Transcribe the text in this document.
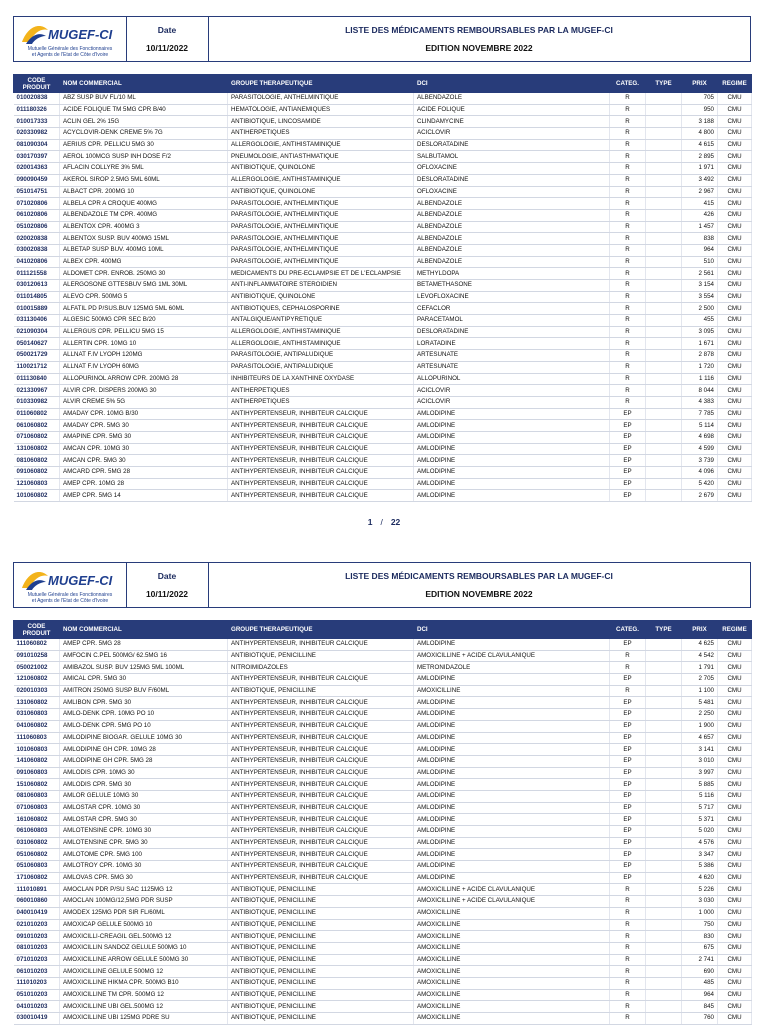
MUGEF-CI
Mutuelle Générale des Fonctionnaires
et Agents de l'Etat de Côte d'Ivoire
Date
10/11/2022
LISTE DES MÉDICAMENTS REMBOURSABLES PAR LA MUGEF-CI
EDITION NOVEMBRE 2022
CODE PRODUIT	NOM COMMERCIAL	GROUPE THERAPEUTIQUE	DCI	CATEG.	TYPE	PRIX	REGIME
010020838	ABZ SUSP BUV FL/10 ML	PARASITOLOGIE, ANTHELMINTIQUE	ALBENDAZOLE	R		705	CMU
011180326	ACIDE FOLIQUE TM 5MG CPR B/40	HEMATOLOGIE, ANTIANEMIQUES	ACIDE FOLIQUE	R		950	CMU
010017333	ACLIN GEL 2% 15G	ANTIBIOTIQUE, LINCOSAMIDE	CLINDAMYCINE	R		3 188	CMU
020330982	ACYCLOVIR-DENK CREME 5% 7G	ANTIHERPETIQUES	ACICLOVIR	R		4 800	CMU
081090304	AERIUS CPR. PELLICU 5MG 30	ALLERGOLOGIE, ANTIHISTAMINIQUE	DESLORATADINE	R		4 615	CMU
030170397	AEROL 100MCG SUSP INH DOSE F/2	PNEUMOLOGIE, ANTIASTHMATIQUE	SALBUTAMOL	R		2 895	CMU
020014363	AFLACIN COLLYRE 3% 5ML	ANTIBIOTIQUE, QUINOLONE	OFLOXACINE	R		1 971	CMU
090090459	AKEROL SIROP 2.5MG 5ML 60ML	ALLERGOLOGIE, ANTIHISTAMINIQUE	DESLORATADINE	R		3 492	CMU
051014751	ALBACT CPR. 200MG 10	ANTIBIOTIQUE, QUINOLONE	OFLOXACINE	R		2 967	CMU
071020806	ALBELA CPR A CROQUE 400MG	PARASITOLOGIE, ANTHELMINTIQUE	ALBENDAZOLE	R		415	CMU
061020806	ALBENDAZOLE TM CPR. 400MG	PARASITOLOGIE, ANTHELMINTIQUE	ALBENDAZOLE	R		426	CMU
051020806	ALBENTOX CPR. 400MG 3	PARASITOLOGIE, ANTHELMINTIQUE	ALBENDAZOLE	R		1 457	CMU
020020838	ALBENTOX SUSP. BUV 400MG 15ML	PARASITOLOGIE, ANTHELMINTIQUE	ALBENDAZOLE	R		838	CMU
030020838	ALBETAP SUSP BUV. 400MG 10ML	PARASITOLOGIE, ANTHELMINTIQUE	ALBENDAZOLE	R		964	CMU
041020806	ALBEX CPR. 400MG	PARASITOLOGIE, ANTHELMINTIQUE	ALBENDAZOLE	R		510	CMU
011121558	ALDOMET CPR. ENROB. 250MG 30	MEDICAMENTS DU PRE-ECLAMPSIE ET DE L'ECLAMPSIE	METHYLDOPA	R		2 561	CMU
030120613	ALERGOSONE GTTESBUV 5MG 1ML 30ML	ANTI-INFLAMMATOIRE STEROIDIEN	BETAMETHASONE	R		3 154	CMU
011014805	ALEVO CPR. 500MG 5	ANTIBIOTIQUE, QUINOLONE	LEVOFLOXACINE	R		3 554	CMU
010015889	ALFATIL PD P/SUS.BUV 125MG 5ML 60ML	ANTIBIOTIQUES, CEPHALOSPORINE	CEFACLOR	R		2 500	CMU
031130406	ALGESIC 500MG CPR SEC B/20	ANTALGIQUE/ANTIPYRETIQUE	PARACETAMOL	R		455	CMU
021090304	ALLERGUS CPR. PELLICU 5MG 15	ALLERGOLOGIE, ANTIHISTAMINIQUE	DESLORATADINE	R		3 095	CMU
050140627	ALLERTIN CPR. 10MG 10	ALLERGOLOGIE, ANTIHISTAMINIQUE	LORATADINE	R		1 671	CMU
050021729	ALLNAT F.IV LYOPH 120MG	PARASITOLOGIE, ANTIPALUDIQUE	ARTESUNATE	R		2 878	CMU
110021712	ALLNAT F.IV LYOPH 60MG	PARASITOLOGIE, ANTIPALUDIQUE	ARTESUNATE	R		1 720	CMU
011130840	ALLOPURINOL ARROW CPR. 200MG 28	INHIBITEURS DE LA XANTHINE OXYDASE	ALLOPURINOL	R		1 116	CMU
021330967	ALVIR CPR. DISPERS 200MG 30	ANTIHERPETIQUES	ACICLOVIR	R		8 044	CMU
010330982	ALVIR CREME 5% 5G	ANTIHERPETIQUES	ACICLOVIR	R		4 383	CMU
011060802	AMADAY CPR. 10MG B/30	ANTIHYPERTENSEUR, INHIBITEUR CALCIQUE	AMLODIPINE	EP		7 785	CMU
061060802	AMADAY CPR. 5MG 30	ANTIHYPERTENSEUR, INHIBITEUR CALCIQUE	AMLODIPINE	EP		5 114	CMU
071060802	AMAPINE CPR. 5MG 30	ANTIHYPERTENSEUR, INHIBITEUR CALCIQUE	AMLODIPINE	EP		4 698	CMU
131060802	AMCAN CPR. 10MG 30	ANTIHYPERTENSEUR, INHIBITEUR CALCIQUE	AMLODIPINE	EP		4 599	CMU
081060802	AMCAN CPR. 5MG 30	ANTIHYPERTENSEUR, INHIBITEUR CALCIQUE	AMLODIPINE	EP		3 739	CMU
091060802	AMCARD CPR. 5MG 28	ANTIHYPERTENSEUR, INHIBITEUR CALCIQUE	AMLODIPINE	EP		4 096	CMU
121060803	AMEP CPR. 10MG 28	ANTIHYPERTENSEUR, INHIBITEUR CALCIQUE	AMLODIPINE	EP		5 420	CMU
101060802	AMEP CPR. 5MG 14	ANTIHYPERTENSEUR, INHIBITEUR CALCIQUE	AMLODIPINE	EP		2 679	CMU
1 / 22
MUGEF-CI
Mutuelle Générale des Fonctionnaires
et Agents de l'Etat de Côte d'Ivoire
Date
10/11/2022
LISTE DES MÉDICAMENTS REMBOURSABLES PAR LA MUGEF-CI
EDITION NOVEMBRE 2022
CODE PRODUIT	NOM COMMERCIAL	GROUPE THERAPEUTIQUE	DCI	CATEG.	TYPE	PRIX	REGIME
111060802	AMEP CPR. 5MG 28	ANTIHYPERTENSEUR, INHIBITEUR CALCIQUE	AMLODIPINE	EP		4 625	CMU
091010258	AMFOCIN C.PEL 500MG/ 62.5MG 16	ANTIBIOTIQUE, PENICILLINE	AMOXICILLINE + ACIDE CLAVULANIQUE	R		4 542	CMU
050021002	AMIBAZOL SUSP. BUV 125MG 5ML 100ML	NITROIMIDAZOLES	METRONIDAZOLE	R		1 791	CMU
121060802	AMICAL CPR. 5MG 30	ANTIHYPERTENSEUR, INHIBITEUR CALCIQUE	AMLODIPINE	EP		2 705	CMU
020010303	AMITRON 250MG SUSP BUV F/60ML	ANTIBIOTIQUE, PENICILLINE	AMOXICILLINE	R		1 100	CMU
131060802	AMLIBON CPR. 5MG 30	ANTIHYPERTENSEUR, INHIBITEUR CALCIQUE	AMLODIPINE	EP		5 481	CMU
031060803	AMLO-DENK CPR. 10MG PO 10	ANTIHYPERTENSEUR, INHIBITEUR CALCIQUE	AMLODIPINE	EP		2 250	CMU
041060802	AMLO-DENK CPR. 5MG PO 10	ANTIHYPERTENSEUR, INHIBITEUR CALCIQUE	AMLODIPINE	EP		1 900	CMU
111060803	AMLODIPINE BIOGAR. GELULE 10MG 30	ANTIHYPERTENSEUR, INHIBITEUR CALCIQUE	AMLODIPINE	EP		4 657	CMU
101060803	AMLODIPINE GH CPR. 10MG 28	ANTIHYPERTENSEUR, INHIBITEUR CALCIQUE	AMLODIPINE	EP		3 141	CMU
141060802	AMLODIPINE GH CPR. 5MG 28	ANTIHYPERTENSEUR, INHIBITEUR CALCIQUE	AMLODIPINE	EP		3 010	CMU
091060803	AMLODIS CPR. 10MG 30	ANTIHYPERTENSEUR, INHIBITEUR CALCIQUE	AMLODIPINE	EP		3 997	CMU
151060802	AMLODIS CPR. 5MG 30	ANTIHYPERTENSEUR, INHIBITEUR CALCIQUE	AMLODIPINE	EP		5 885	CMU
081060803	AMLOR GELULE 10MG 30	ANTIHYPERTENSEUR, INHIBITEUR CALCIQUE	AMLODIPINE	EP		5 116	CMU
071060803	AMLOSTAR CPR. 10MG 30	ANTIHYPERTENSEUR, INHIBITEUR CALCIQUE	AMLODIPINE	EP		5 717	CMU
161060802	AMLOSTAR CPR. 5MG 30	ANTIHYPERTENSEUR, INHIBITEUR CALCIQUE	AMLODIPINE	EP		5 371	CMU
061060803	AMLOTENSINE CPR. 10MG 30	ANTIHYPERTENSEUR, INHIBITEUR CALCIQUE	AMLODIPINE	EP		5 020	CMU
031060802	AMLOTENSINE CPR. 5MG 30	ANTIHYPERTENSEUR, INHIBITEUR CALCIQUE	AMLODIPINE	EP		4 576	CMU
051060802	AMLOTOME CPR. 5MG 100	ANTIHYPERTENSEUR, INHIBITEUR CALCIQUE	AMLODIPINE	EP		3 347	CMU
051060803	AMLOTROY CPR. 10MG 30	ANTIHYPERTENSEUR, INHIBITEUR CALCIQUE	AMLODIPINE	EP		5 386	CMU
171060802	AMLOVAS CPR. 5MG 30	ANTIHYPERTENSEUR, INHIBITEUR CALCIQUE	AMLODIPINE	EP		4 620	CMU
111010891	AMOCLAN PDR P/SU SAC 1125MG 12	ANTIBIOTIQUE, PENICILLINE	AMOXICILLINE + ACIDE CLAVULANIQUE	R		5 226	CMU
060010860	AMOCLAN 100MG/12,5MG PDR SUSP	ANTIBIOTIQUE, PENICILLINE	AMOXICILLINE + ACIDE CLAVULANIQUE	R		3 030	CMU
040010419	AMODEX 125MG PDR SIR FL/60ML	ANTIBIOTIQUE, PENICILLINE	AMOXICILLINE	R		1 000	CMU
021010203	AMOXICAP GELULE 500MG 10	ANTIBIOTIQUE, PENICILLINE	AMOXICILLINE	R		750	CMU
091010203	AMOXICILLI-CREAGIL GEL.500MG 12	ANTIBIOTIQUE, PENICILLINE	AMOXICILLINE	R		830	CMU
081010203	AMOXICILLIN SANDOZ GELULE 500MG 10	ANTIBIOTIQUE, PENICILLINE	AMOXICILLINE	R		675	CMU
071010203	AMOXICILLINE ARROW GELULE 500MG 30	ANTIBIOTIQUE, PENICILLINE	AMOXICILLINE	R		2 741	CMU
061010203	AMOXICILLINE GELULE 500MG 12	ANTIBIOTIQUE, PENICILLINE	AMOXICILLINE	R		690	CMU
111010203	AMOXICILLINE HIKMA CPR. 500MG B10	ANTIBIOTIQUE, PENICILLINE	AMOXICILLINE	R		485	CMU
051010203	AMOXICILLINE TM CPR. 500MG 12	ANTIBIOTIQUE, PENICILLINE	AMOXICILLINE	R		964	CMU
041010203	AMOXICILLINE UBI GEL.500MG 12	ANTIBIOTIQUE, PENICILLINE	AMOXICILLINE	R		845	CMU
030010419	AMOXICILLINE UBI 125MG PDRE SU	ANTIBIOTIQUE, PENICILLINE	AMOXICILLINE	R		760	CMU
